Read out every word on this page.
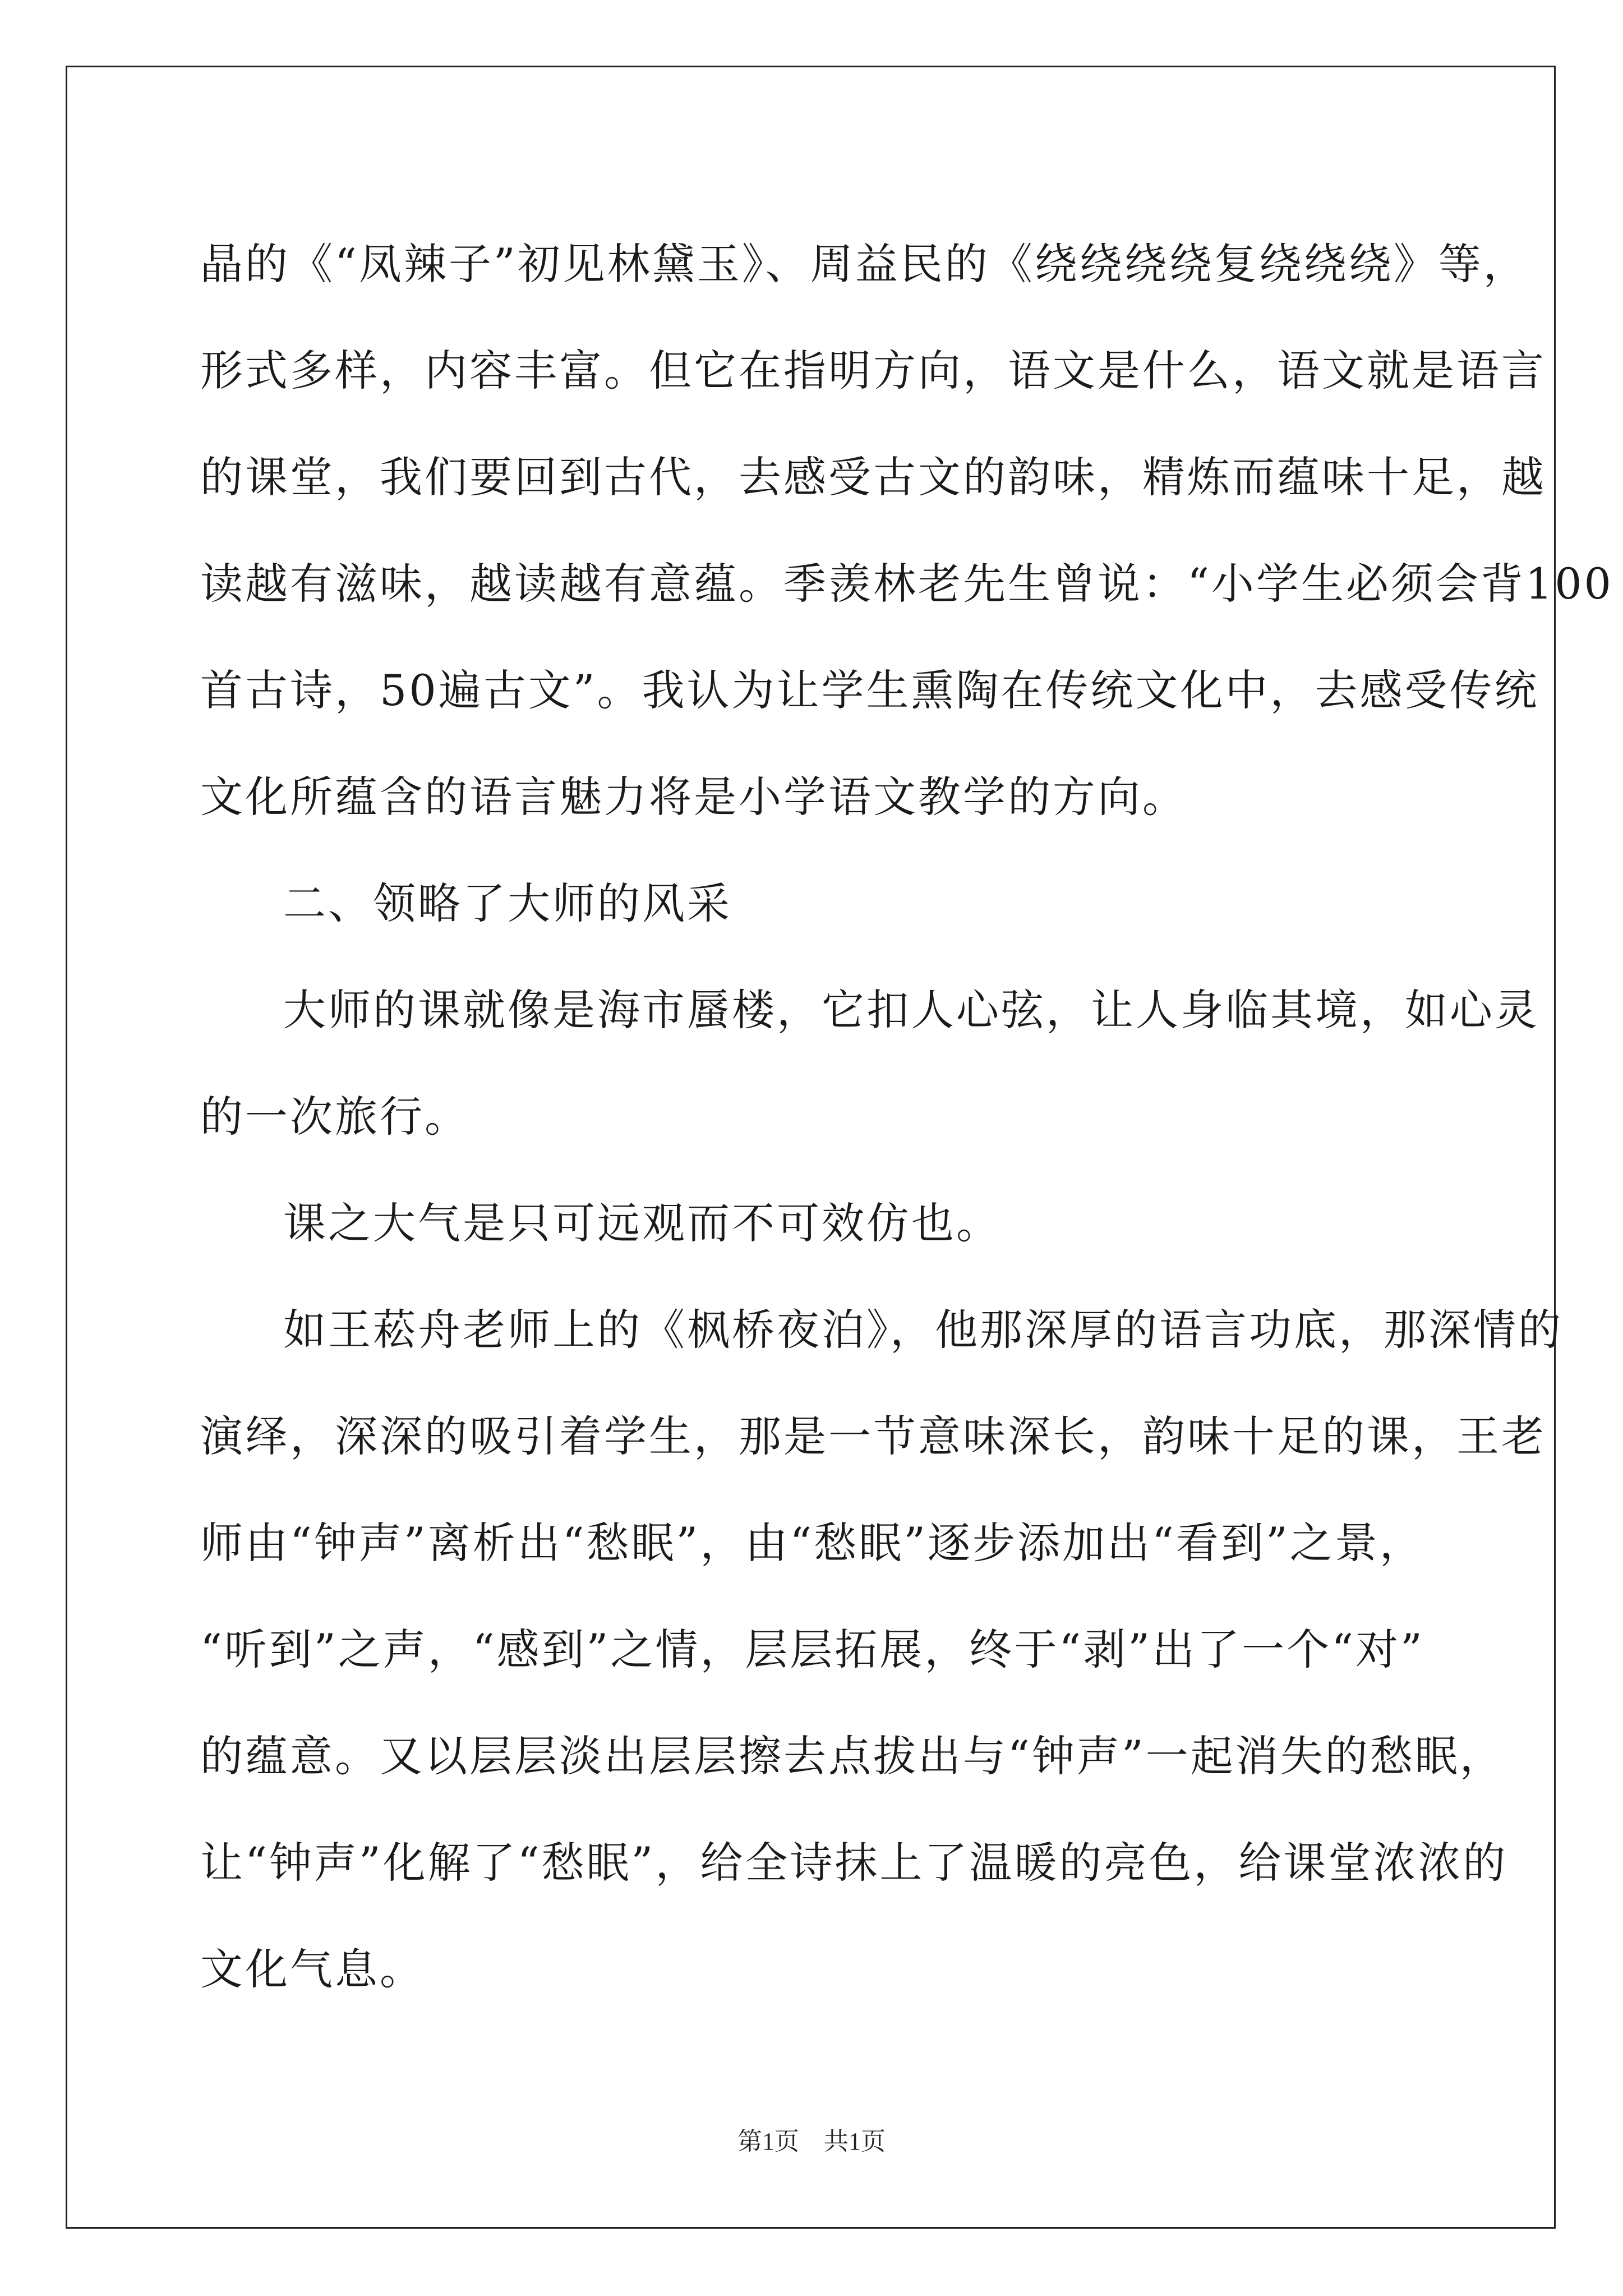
晶的《“凤辣子”初见林黛玉》、周益民的《绕绕绕绕复绕绕绕》等，
形式多样，内容丰富。但它在指明方向，语文是什么，语文就是语言
的课堂，我们要回到古代，去感受古文的韵味，精炼而蕴味十足，越
读越有滋味，越读越有意蕴。季羡林老先生曾说：“小学生必须会背100
首古诗，50遍古文”。我认为让学生熏陶在传统文化中，去感受传统
文化所蕴含的语言魅力将是小学语文教学的方向。
二、领略了大师的风采
大师的课就像是海市蜃楼，它扣人心弦，让人身临其境，如心灵
的一次旅行。
课之大气是只可远观而不可效仿也。
如王菘舟老师上的《枫桥夜泊》，他那深厚的语言功底，那深情的
演绎，深深的吸引着学生，那是一节意味深长，韵味十足的课，王老
师由“钟声”离析出“愁眠”，由“愁眠”逐步添加出“看到”之景，
“听到”之声，“感到”之情，层层拓展，终于“剥”出了一个“对”
的蕴意。又以层层淡出层层擦去点拔出与“钟声”一起消失的愁眠，
让“钟声”化解了“愁眠”，给全诗抹上了温暖的亮色，给课堂浓浓的
文化气息。
第1页 共1页
